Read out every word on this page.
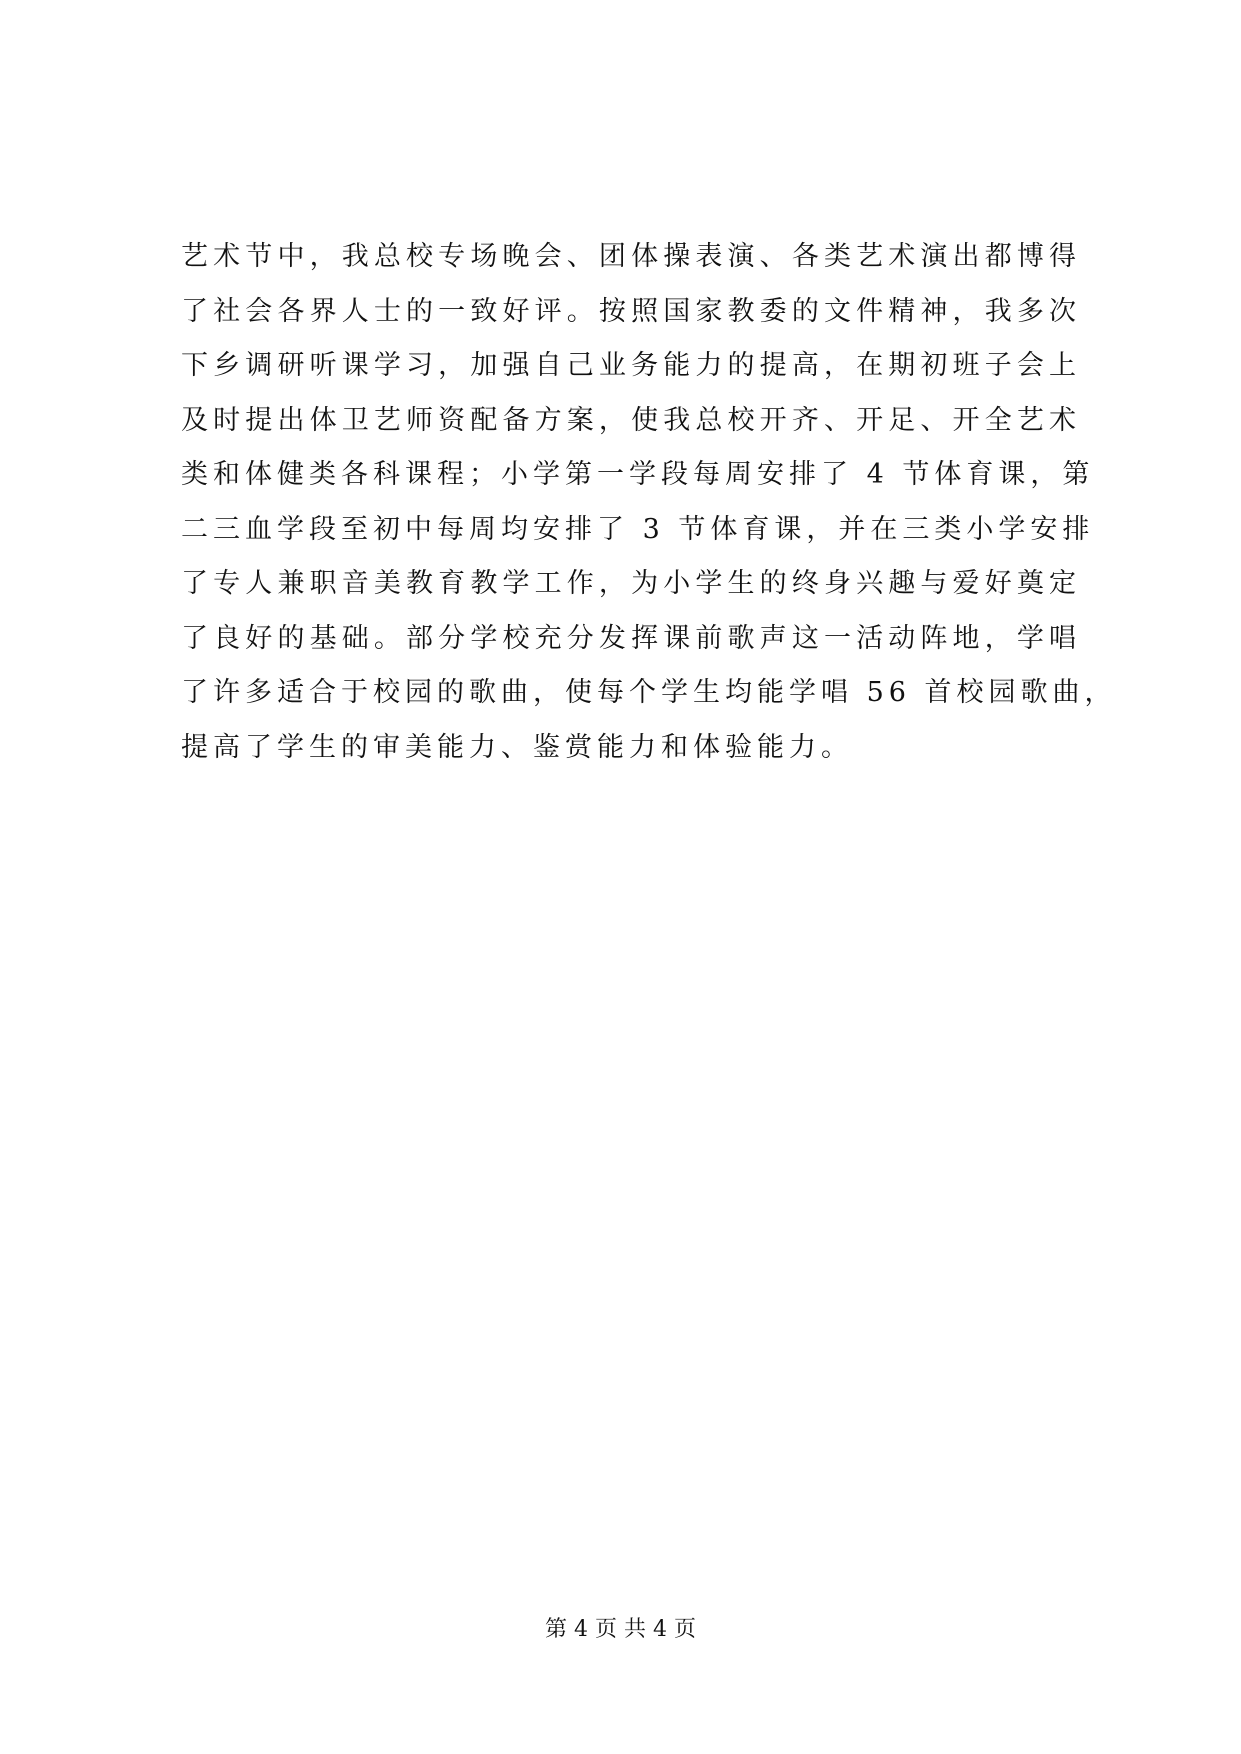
艺术节中，我总校专场晚会、团体操表演、各类艺术演出都博得
了社会各界人士的一致好评。按照国家教委的文件精神，我多次
下乡调研听课学习，加强自己业务能力的提高，在期初班子会上
及时提出体卫艺师资配备方案，使我总校开齐、开足、开全艺术
类和体健类各科课程；小学第一学段每周安排了 4 节体育课，第
二三血学段至初中每周均安排了 3 节体育课，并在三类小学安排
了专人兼职音美教育教学工作，为小学生的终身兴趣与爱好奠定
了良好的基础。部分学校充分发挥课前歌声这一活动阵地，学唱
了许多适合于校园的歌曲，使每个学生均能学唱 56 首校园歌曲，
提高了学生的审美能力、鉴赏能力和体验能力。
第 4 页 共 4 页
